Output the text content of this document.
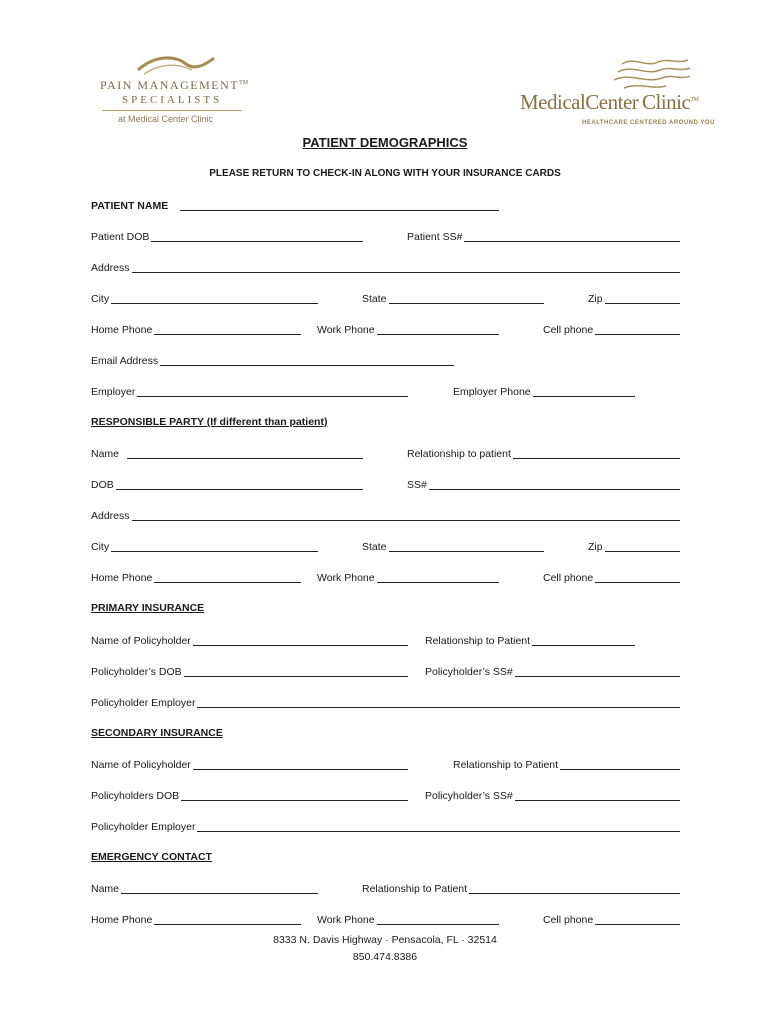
PAIN MANAGEMENT™
SPECIALISTS
at Medical Center Clinic
MedicalCenter Clinic™
HEALTHCARE CENTERED AROUND YOU
PATIENT DEMOGRAPHICS
PLEASE RETURN TO CHECK-IN ALONG WITH YOUR INSURANCE CARDS
PATIENT NAME
Patient DOB	Patient SS#
Address
City	State	Zip
Home Phone	Work Phone	Cell phone
Email Address
Employer	Employer Phone
RESPONSIBLE PARTY (If different than patient)
Name	Relationship to patient
DOB	SS#
Address
City	State	Zip
Home Phone	Work Phone	Cell phone
PRIMARY INSURANCE
Name of Policyholder	Relationship to Patient
Policyholder’s DOB	Policyholder’s SS#
Policyholder Employer
SECONDARY INSURANCE
Name of Policyholder	Relationship to Patient
Policyholders DOB	Policyholder’s SS#
Policyholder Employer
EMERGENCY CONTACT
Name	Relationship to Patient
Home Phone	Work Phone	Cell phone
8333 N. Davis Highway · Pensacola, FL · 32514
850.474.8386
